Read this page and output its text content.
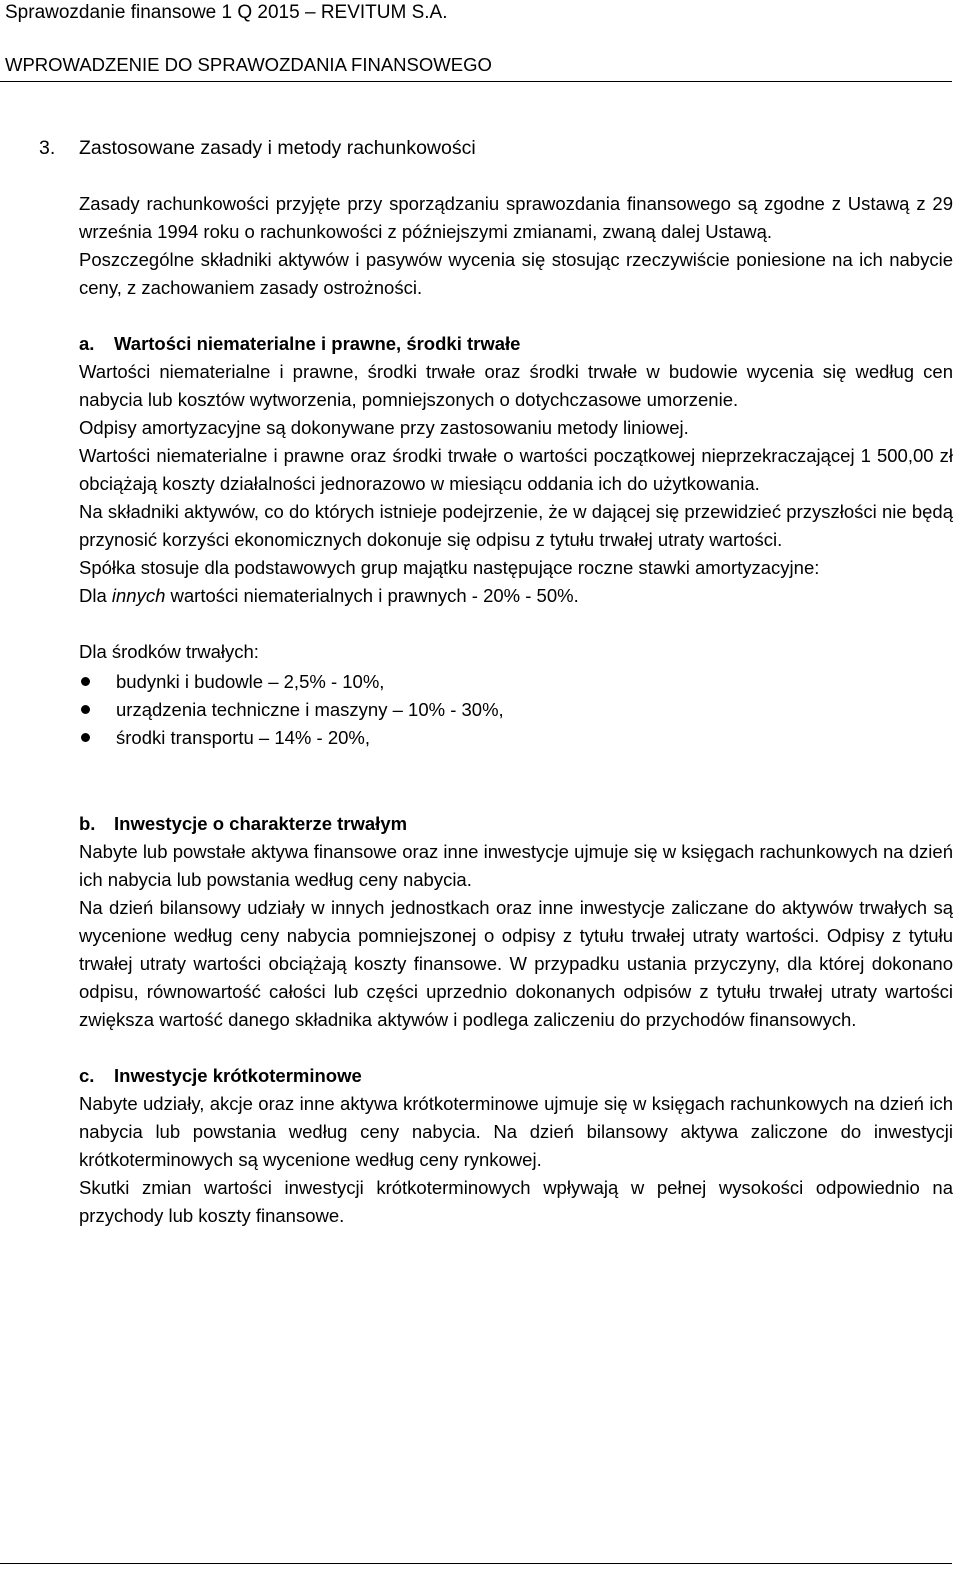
Sprawozdanie finansowe 1 Q 2015 – REVITUM S.A.
WPROWADZENIE DO SPRAWOZDANIA FINANSOWEGO
3. Zastosowane zasady i metody rachunkowości

Zasady rachunkowości przyjęte przy sporządzaniu sprawozdania finansowego są zgodne z Ustawą z 29 września 1994 roku o rachunkowości z późniejszymi zmianami, zwaną dalej Ustawą.

Poszczególne składniki aktywów i pasywów wycenia się stosując rzeczywiście poniesione na ich nabycie ceny, z zachowaniem zasady ostrożności.

a. Wartości niematerialne i prawne, środki trwałe

Wartości niematerialne i prawne, środki trwałe oraz środki trwałe w budowie wycenia się według cen nabycia lub kosztów wytworzenia, pomniejszonych o dotychczasowe umorzenie.

Odpisy amortyzacyjne są dokonywane przy zastosowaniu metody liniowej.

Wartości niematerialne i prawne oraz środki trwałe o wartości początkowej nieprzekraczającej 1 500,00 zł obciążają koszty działalności jednorazowo w miesiącu oddania ich do użytkowania.

Na składniki aktywów, co do których istnieje podejrzenie, że w dającej się przewidzieć przyszłości nie będą przynosić korzyści ekonomicznych dokonuje się odpisu z tytułu trwałej utraty wartości.

Spółka stosuje dla podstawowych grup majątku następujące roczne stawki amortyzacyjne:

Dla innych wartości niematerialnych i prawnych - 20% - 50%.

Dla środków trwałych:

budynki i budowle – 2,5% - 10%,
urządzenia techniczne i maszyny – 10% - 30%,
środki transportu – 14% - 20%,

b. Inwestycje o charakterze trwałym

Nabyte lub powstałe aktywa finansowe oraz inne inwestycje ujmuje się w księgach rachunkowych na dzień ich nabycia lub powstania według ceny nabycia.

Na dzień bilansowy udziały w innych jednostkach oraz inne inwestycje zaliczane do aktywów trwałych są wycenione według ceny nabycia pomniejszonej o odpisy z tytułu trwałej utraty wartości. Odpisy z tytułu trwałej utraty wartości obciążają koszty finansowe. W przypadku ustania przyczyny, dla której dokonano odpisu, równowartość całości lub części uprzednio dokonanych odpisów z tytułu trwałej utraty wartości zwiększa wartość danego składnika aktywów i podlega zaliczeniu do przychodów finansowych.

c. Inwestycje krótkoterminowe

Nabyte udziały, akcje oraz inne aktywa krótkoterminowe ujmuje się w księgach rachunkowych na dzień ich nabycia lub powstania według ceny nabycia. Na dzień bilansowy aktywa zaliczone do inwestycji krótkoterminowych są wycenione według ceny rynkowej.

Skutki zmian wartości inwestycji krótkoterminowych wpływają w pełnej wysokości odpowiednio na przychody lub koszty finansowe.
